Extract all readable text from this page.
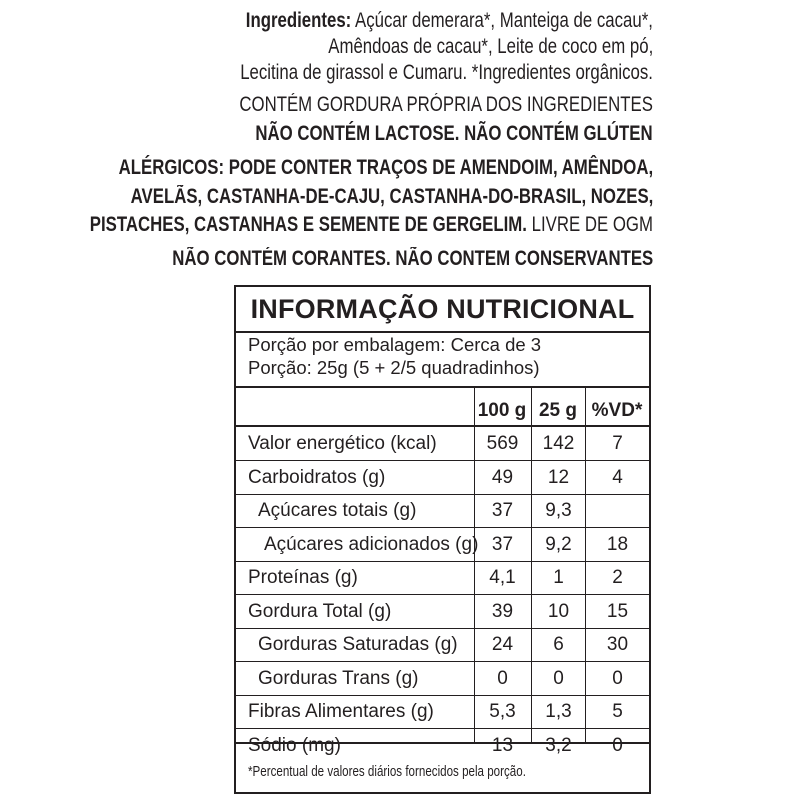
Ingredientes: Açúcar demerara*, Manteiga de cacau*,
Amêndoas de cacau*, Leite de coco em pó,
Lecitina de girassol e Cumaru. *Ingredientes orgânicos.
CONTÉM GORDURA PRÓPRIA DOS INGREDIENTES
NÃO CONTÉM LACTOSE. NÃO CONTÉM GLÚTEN
ALÉRGICOS: PODE CONTER TRAÇOS DE AMENDOIM, AMÊNDOA,
AVELÃS, CASTANHA-DE-CAJU, CASTANHA-DO-BRASIL, NOZES,
PISTACHES, CASTANHAS E SEMENTE DE GERGELIM. LIVRE DE OGM
NÃO CONTÉM CORANTES. NÃO CONTEM CONSERVANTES
INFORMAÇÃO NUTRICIONAL
Porção por embalagem: Cerca de 3
Porção: 25g (5 + 2/5 quadradinhos)
100 g 25 g %VD*
Valor energético (kcal)	569	142	7
Carboidratos (g)	49	12	4
Açúcares totais (g)	37	9,3
Açúcares adicionados (g) 37	9,2	18
Proteínas (g)	4,1	1	2
Gordura Total (g)	39	10	15
Gorduras Saturadas (g)	24	6	30
Gorduras Trans (g)	0	0	0
Fibras Alimentares (g)	5,3	1,3	5
Sódio (mg)	13	3,2	0
*Percentual de valores diários fornecidos pela porção.
